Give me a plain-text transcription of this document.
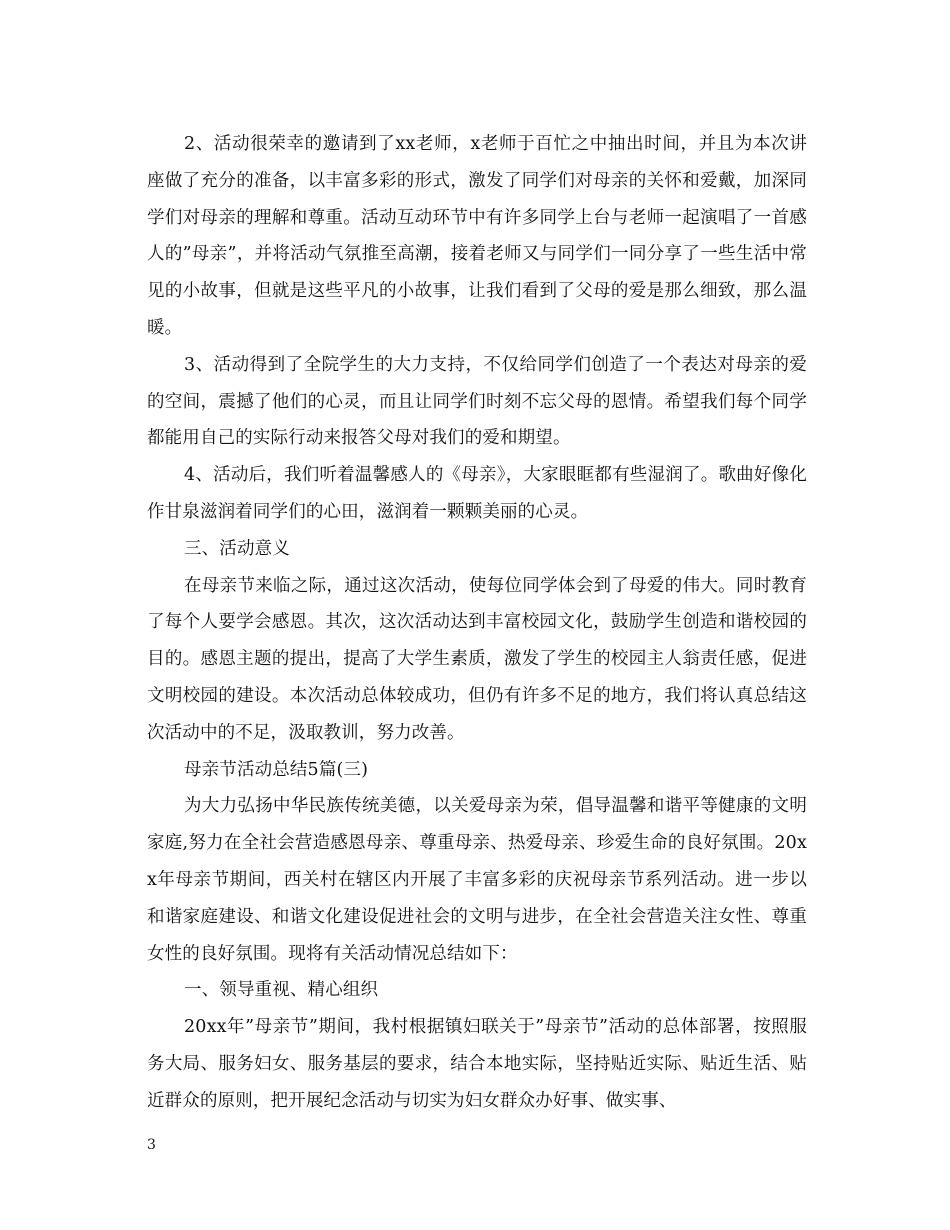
2、活动很荣幸的邀请到了xx老师，x老师于百忙之中抽出时间，并且为本次讲座做了充分的准备，以丰富多彩的形式，激发了同学们对母亲的关怀和爱戴，加深同学们对母亲的理解和尊重。活动互动环节中有许多同学上台与老师一起演唱了一首感人的”母亲”，并将活动气氛推至高潮，接着老师又与同学们一同分享了一些生活中常见的小故事，但就是这些平凡的小故事，让我们看到了父母的爱是那么细致，那么温暖。

3、活动得到了全院学生的大力支持，不仅给同学们创造了一个表达对母亲的爱的空间，震撼了他们的心灵，而且让同学们时刻不忘父母的恩情。希望我们每个同学都能用自己的实际行动来报答父母对我们的爱和期望。

4、活动后，我们听着温馨感人的《母亲》，大家眼眶都有些湿润了。歌曲好像化作甘泉滋润着同学们的心田，滋润着一颗颗美丽的心灵。

三、活动意义

在母亲节来临之际，通过这次活动，使每位同学体会到了母爱的伟大。同时教育了每个人要学会感恩。其次，这次活动达到丰富校园文化，鼓励学生创造和谐校园的目的。感恩主题的提出，提高了大学生素质，激发了学生的校园主人翁责任感，促进文明校园的建设。本次活动总体较成功，但仍有许多不足的地方，我们将认真总结这次活动中的不足，汲取教训，努力改善。

母亲节活动总结5篇(三)

为大力弘扬中华民族传统美德，以关爱母亲为荣，倡导温馨和谐平等健康的文明家庭,努力在全社会营造感恩母亲、尊重母亲、热爱母亲、珍爱生命的良好氛围。20xx年母亲节期间，西关村在辖区内开展了丰富多彩的庆祝母亲节系列活动。进一步以和谐家庭建设、和谐文化建设促进社会的文明与进步，在全社会营造关注女性、尊重女性的良好氛围。现将有关活动情况总结如下：

一、领导重视、精心组织

20xx年”母亲节”期间，我村根据镇妇联关于”母亲节”活动的总体部署，按照服务大局、服务妇女、服务基层的要求，结合本地实际，坚持贴近实际、贴近生活、贴近群众的原则，把开展纪念活动与切实为妇女群众办好事、做实事、

3
